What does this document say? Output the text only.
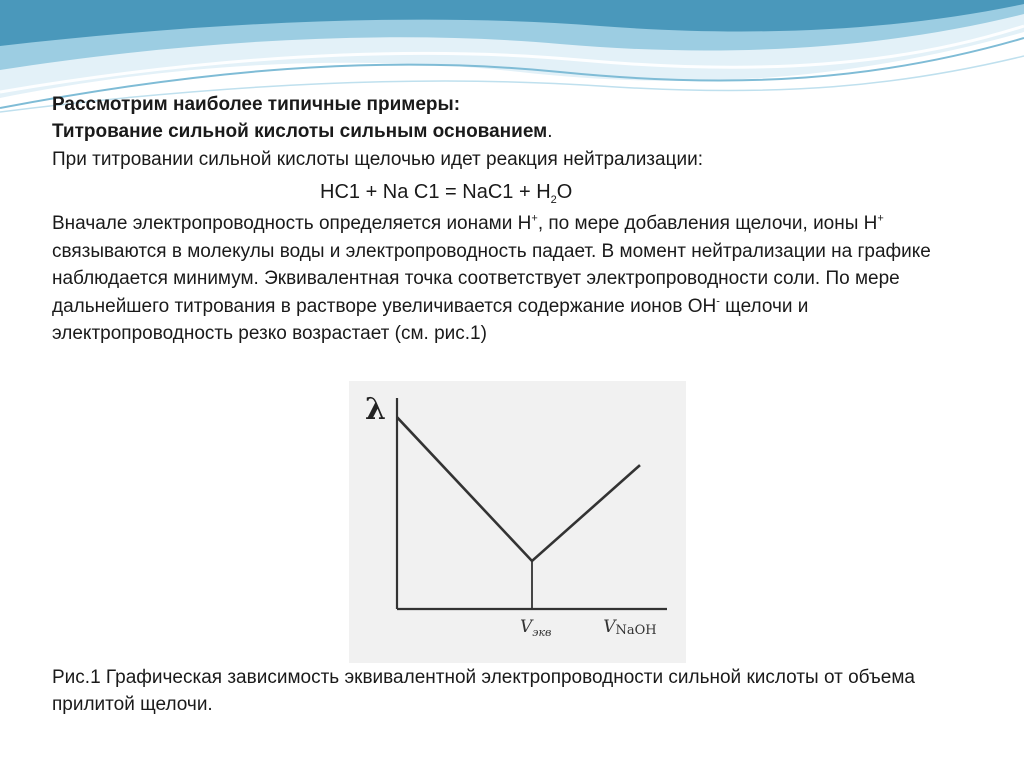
Рассмотрим наиболее типичные примеры:
Титрование сильной кислоты сильным основанием.
При титровании сильной кислоты щелочью идет реакция нейтрализации:
HC1 + Na $C1 = NaC1 + H_2O$
Вначале электропроводность определяется ионами Н+, по мере добавления щелочи, ионы Н+ связываются в молекулы воды и электропроводность падает. В момент нейтрализации на графике наблюдается минимум. Эквивалентная точка соответствует электропроводности соли. По мере дальнейшего титрования в растворе увеличивается содержание ионов ОН- щелочи и электропроводность резко возрастает (см. рис.1)
λ
$V_{экв}$	VNaOH
Рис.1 Графическая зависимость эквивалентной электропроводности сильной кислоты от объема прилитой щелочи.
